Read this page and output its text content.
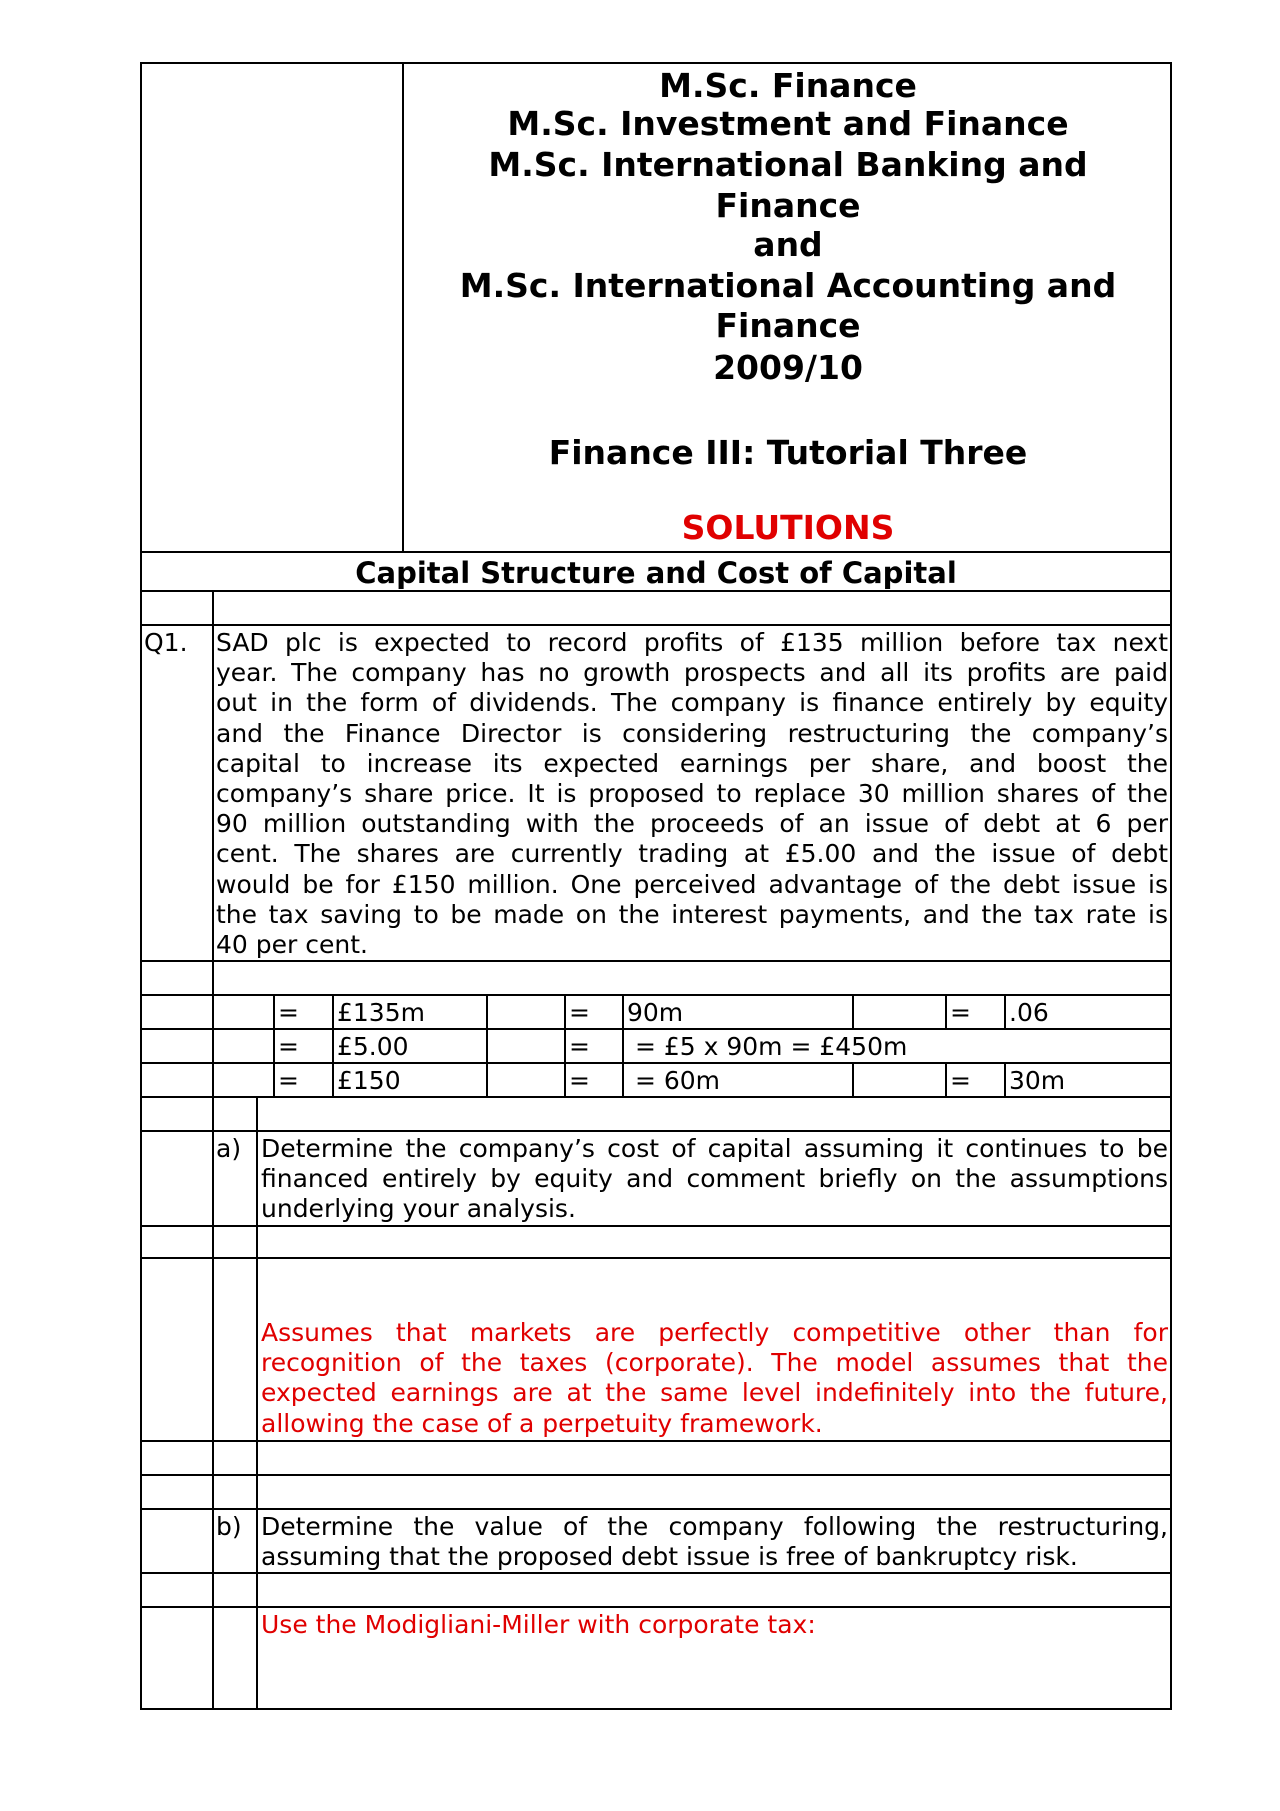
M.Sc. Finance
M.Sc. Investment and Finance
M.Sc. International Banking and
Finance
and
M.Sc. International Accounting and
Finance
2009/10
Finance III: Tutorial Three
SOLUTIONS
Capital Structure and Cost of Capital
Q1. SAD plc is expected to record profits of £135 million before tax next
year. The company has no growth prospects and all its profits are paid
out in the form of dividends. The company is finance entirely by equity
and the Finance Director is considering restructuring the company’s
capital to increase its expected earnings per share, and boost the
company’s share price. It is proposed to replace 30 million shares of the
90 million outstanding with the proceeds of an issue of debt at 6 per
cent. The shares are currently trading at £5.00 and the issue of debt
would be for £150 million. One perceived advantage of the debt issue is
the tax saving to be made on the interest payments, and the tax rate is
40 per cent.
= £135m	= 90m	= .06
= £5.00	= = £5 x 90m = £450m
= £150	= = 60m	= 30m
a) Determine the company’s cost of capital assuming it continues to be
financed entirely by equity and comment briefly on the assumptions
underlying your analysis.
Assumes that markets are perfectly competitive other than for
recognition of the taxes (corporate). The model assumes that the
expected earnings are at the same level indefinitely into the future,
allowing the case of a perpetuity framework.
b) Determine the value of the company following the restructuring,
assuming that the proposed debt issue is free of bankruptcy risk.
Use the Modigliani-Miller with corporate tax:
